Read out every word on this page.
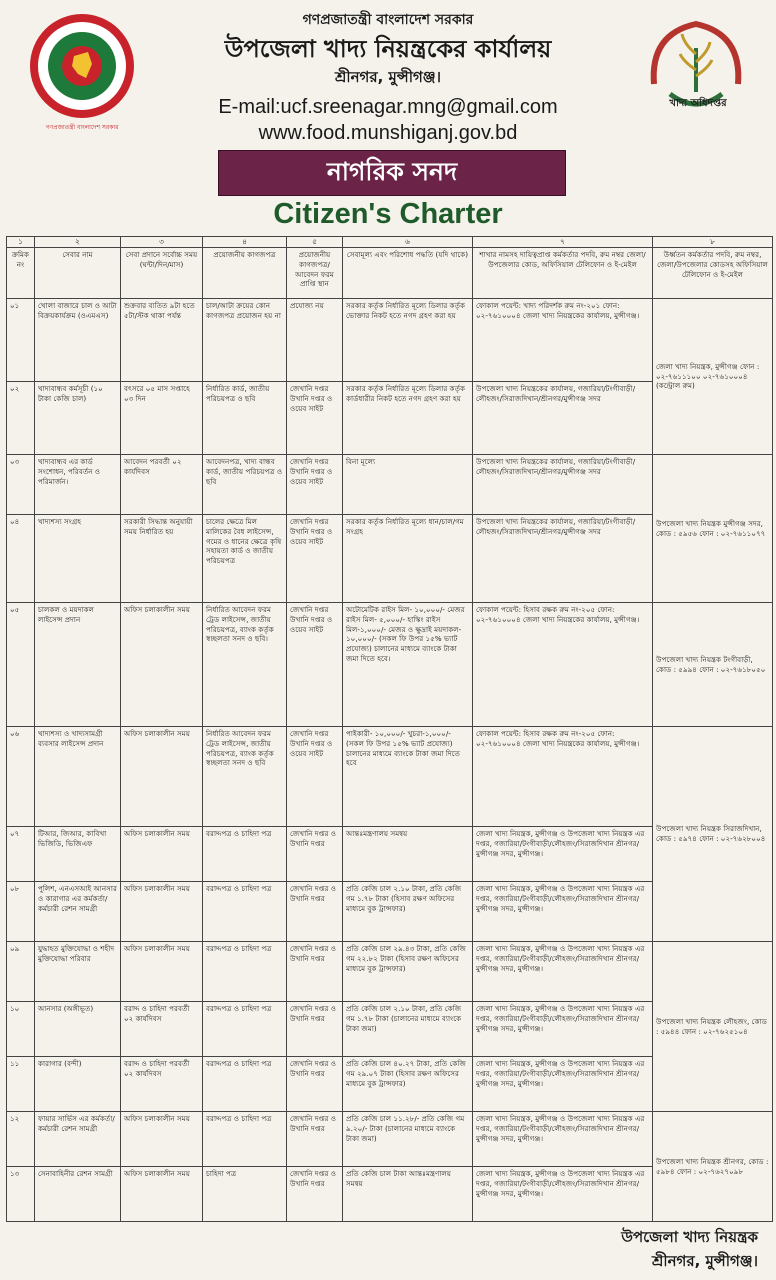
গণপ্রজাতন্ত্রী বাংলাদেশ সরকার
খাদ্য অধিদপ্তর
গণপ্রজাতন্ত্রী বাংলাদেশ সরকার
উপজেলা খাদ্য নিয়ন্ত্রকের কার্যালয়
শ্রীনগর, মুন্সীগঞ্জ।
E-mail:ucf.sreenagar.mng@gmail.com
www.food.munshiganj.gov.bd
নাগরিক সনদ
Citizen's Charter
১	২	৩	৪	৫	৬	৭	৮
ক্রমিক নং	সেবার নাম	সেবা প্রদানে সর্বোচ্চ সময় (ঘন্টা/দিন/মাস)	প্রয়োজনীয় কাগজপত্র	প্রয়োজনীয় কাগজপত্র/আবেদন ফরম প্রাপ্তি স্থান	সেবামূল্য এবং পরিশোধ পদ্ধতি (যদি থাকে)	শাখার নামসহ দায়িত্বপ্রাপ্ত কর্মকর্তার পদবি, রুম নম্বর জেলা/উপজেলার কোড, অফিসিয়াল টেলিফোন ও ই-মেইল	উর্ধ্বতন কর্মকর্তার পদবি, রুম নম্বর, জেলা/উপজেলার কোডসহ অফিসিয়াল টেলিফোন ও ই-মেইল
০১	খোলা বাজারে চাল ও আটা বিক্রয়কার্যক্রম (ওএমএস)	শুক্রবার ব্যতিত ৯টা হতে ৫টা/স্টক থাকা পর্যন্ত	চাল/আটা ক্রয়ের কোন কাগজপত্র প্রয়োজন হয় না	প্রযোজ্য নয়	সরকার কর্তৃক নির্ধারিত মূল্যে ডিলার কর্তৃক ভোক্তার নিকট হতে নগদ গ্রহণ করা হয়	ফোকাল পয়েন্ট: খাদ্য পরিদর্শক রুম নং-২০১ ফোন: ০২-৭৬১০০০৪ জেলা খাদ্য নিয়ন্ত্রকের কার্যালয়, মুন্সীগঞ্জ।	জেলা খাদ্য নিয়ন্ত্রক, মুন্সীগঞ্জ ফোন : ০২-৭৬১১১০০ ০২-৭৬১০০০৪ (কন্ট্রোল রুম)
০২	খাদ্যবান্ধব কর্মসূচী (১০ টাকা কেজি চাল)	বৎসরে ০৫ মাস সপ্তাহে ০৩ দিন	নির্ধারিত কার্ড, জাতীয় পরিচয়পত্র ও ছবি	জেখানি দপ্তর উখানি দপ্তর ও ওয়েব সাইট	সরকার কর্তৃক নির্ধারিত মূল্যে ডিলার কর্তৃক কার্ডধারীর নিকট হতে নগদ গ্রহণ করা হয়	উপজেলা খাদ্য নিয়ন্ত্রকের কার্যালয়, গজারিয়া/টংগীবাড়ী/লৌহজং/সিরাজদিখান/শ্রীনগর/মুন্সীগঞ্জ সদর	
০৩	খাদ্যবান্ধব এর কার্ড সংশোধন, পরিবর্তন ও পরিমার্জন।	আবেদন পরবর্তী ০২ কার্যদিবস	আবেদনপত্র, খাদ্য বান্ধব কার্ড, জাতীয় পরিচয়পত্র ও ছবি	জেখানি দপ্তর উখানি দপ্তর ও ওয়েব সাইট	বিনা মূল্যে	উপজেলা খাদ্য নিয়ন্ত্রকের কার্যালয়, গজারিয়া/টংগীবাড়ী/লৌহজং/সিরাজদিখান/শ্রীনগর/মুন্সীগঞ্জ সদর	উপজেলা খাদ্য নিয়ন্ত্রক মুন্সীগঞ্জ সদর, কোড : ৫৯৫৬ ফোন : ০২-৭৬১১০৭৭
০৪	খাদ্যশস্য সংগ্রহ	সরকারী সিদ্ধান্ত অনুযায়ী সময় নির্ধারিত হয়	চালের ক্ষেত্রে মিল মালিকের বৈধ লাইসেন্স, গমের ও ধানের ক্ষেত্রে কৃষি সহায়তা কার্ড ও জাতীয় পরিচয়পত্র	জেখানি দপ্তর উখানি দপ্তর ও ওয়েব সাইট	সরকার কর্তৃক নির্ধারিত মূল্যে ধান/চাল/গম সংগ্রহ	উপজেলা খাদ্য নিয়ন্ত্রকের কার্যালয়, গজারিয়া/টংগীবাড়ী/লৌহজং/সিরাজদিখান/শ্রীনগর/মুন্সীগঞ্জ সদর	
০৫	চালকল ও ময়দাকল লাইসেন্স প্রদান	অফিস চলাকালীন সময়	নির্ধারিত আবেদন ফরম ট্রেড লাইসেন্স, জাতীয় পরিচয়পত্র, ব্যাংক কর্তৃক স্বচ্ছলতা সনদ ও ছবি।	জেখানি দপ্তর উখানি দপ্তর ও ওয়েব সাইট	অটোমেটিক রাইস মিল- ১০,০০০/- মেজর রাইস মিল- ৫,০০০/- হাস্কিং রাইস মিল-১,০০০/- মেজর ও ক্ষুদ্রাই ময়দাকল- ১০,০০০/- (সকল ফি উপর ১৫% ভ্যাট প্রযোজ্য) চালানের মাধ্যমে ব্যাংকে টাকা জমা দিতে হবে।	ফোকাল পয়েন্ট: হিসাব রক্ষক রুম নং-২০৫ ফোন: ০২-৭৬১০০০৪ জেলা খাদ্য নিয়ন্ত্রকের কার্যালয়, মুন্সীগঞ্জ।	উপজেলা খাদ্য নিয়ন্ত্রক টংগীবাড়ী, কোড : ৫৯৯৪ ফোন : ০২-৭৬১৮০৫০
০৬	খাদ্যশস্য ও খাদ্যসামগ্রী ব্যবসার লাইসেন্স প্রদান	অফিস চলাকালীন সময়	নির্ধারিত আবেদন ফরম ট্রেড লাইসেন্স, জাতীয় পরিচয়পত্র, ব্যাংক কর্তৃক স্বচ্ছলতা সনদ ও ছবি	জেখানি দপ্তর উখানি দপ্তর ও ওয়েব সাইট	পাইকারী- ১০,০০০/- খুচরা-১,০০০/- (সকল ফি উপর ১৫% ভ্যাট প্রযোজ্য) চালানের মাধ্যমে ব্যাংকে টাকা জমা দিতে হবে	ফোকাল পয়েন্ট: হিসাব রক্ষক রুম নং-২০৫ ফোন: ০২-৭৬১০০০৪ জেলা খাদ্য নিয়ন্ত্রকের কার্যালয়, মুন্সীগঞ্জ।	উপজেলা খাদ্য নিয়ন্ত্রক সিরাজদিখান, কোড : ৫৯৭৪ ফোন : ০২-৭৬২৮০০৪
০৭	টিআর, জিআর, কাবিখা ভিজিডি, ভিজিএফ	অফিস চলাকালীন সময়	বরাদ্দপত্র ও চাহিদা পত্র	জেখানি দপ্তর ও উখানি দপ্তর	আন্তঃমন্ত্রণালয় সমন্বয়	জেলা খাদ্য নিয়ন্ত্রক, মুন্সীগঞ্জ ও উপজেলা খাদ্য নিয়ন্ত্রক এর দপ্তর, গজারিয়া/টংগীবাড়ী/লৌহজং/সিরাজদিখান শ্রীনগর/মুন্সীগঞ্জ সদর, মুন্সীগঞ্জ।	
০৮	পুলিশ, এনএসআই আনসার ও কারাগার এর কর্মকর্তা/কর্মচারী রেশন সামগ্রী	অফিস চলাকালীন সময়	বরাদ্দপত্র ও চাহিদা পত্র	জেখানি দপ্তর ও উখানি দপ্তর	প্রতি কেজি চাল ২.১০ টাকা, প্রতি কেজি গম ১.৭৮ টাকা (হিসাব রক্ষণ অফিসের মাধ্যমে বুক ট্রান্সফার)	জেলা খাদ্য নিয়ন্ত্রক, মুন্সীগঞ্জ ও উপজেলা খাদ্য নিয়ন্ত্রক এর দপ্তর, গজারিয়া/টংগীবাড়ী/লৌহজং/সিরাজদিখান শ্রীনগর/মুন্সীগঞ্জ সদর, মুন্সীগঞ্জ।	
০৯	যুদ্ধাহত মুক্তিযোদ্ধা ও শহীদ মুক্তিযোদ্ধা পরিবার	অফিস চলাকালীন সময়	বরাদ্দপত্র ও চাহিদা পত্র	জেখানি দপ্তর ও উখানি দপ্তর	প্রতি কেজি চাল ২৯.৪৩ টাকা, প্রতি কেজি গম ২২.৮২ টাকা (হিসাব রক্ষণ অফিসের মাধ্যমে বুক ট্রান্সফার)	জেলা খাদ্য নিয়ন্ত্রক, মুন্সীগঞ্জ ও উপজেলা খাদ্য নিয়ন্ত্রক এর দপ্তর, গজারিয়া/টংগীবাড়ী/লৌহজং/সিরাজদিখান শ্রীনগর/মুন্সীগঞ্জ সদর, মুন্সীগঞ্জ।	উপজেলা খাদ্য নিয়ন্ত্রক লৌহজং, কোড : ৫৯৪৪ ফোন : ০২-৭৬২৫১০৪
১০	আনসার (অঙ্গীভূত)	বরাদ্দ ও চাহিদা পরবর্তী ০২ কার্যদিবস	বরাদ্দপত্র ও চাহিদা পত্র	জেখানি দপ্তর ও উখানি দপ্তর	প্রতি কেজি চাল ২.১০ টাকা, প্রতি কেজি গম ১.৭৮ টাকা (চালানের মাধ্যমে ব্যাংকে টাকা জমা)	জেলা খাদ্য নিয়ন্ত্রক, মুন্সীগঞ্জ ও উপজেলা খাদ্য নিয়ন্ত্রক এর দপ্তর, গজারিয়া/টংগীবাড়ী/লৌহজং/সিরাজদিখান শ্রীনগর/মুন্সীগঞ্জ সদর, মুন্সীগঞ্জ।	
১১	কারাগার (বন্দী)	বরাদ্দ ও চাহিদা পরবর্তী ০২ কার্যদিবস	বরাদ্দপত্র ও চাহিদা পত্র	জেখানি দপ্তর ও উখানি দপ্তর	প্রতি কেজি চাল ৪০.২৭ টাকা, প্রতি কেজি গম ২৯.০৭ টাকা (হিসাব রক্ষণ অফিসের মাধ্যমে বুক ট্রান্সফার)	জেলা খাদ্য নিয়ন্ত্রক, মুন্সীগঞ্জ ও উপজেলা খাদ্য নিয়ন্ত্রক এর দপ্তর, গজারিয়া/টংগীবাড়ী/লৌহজং/সিরাজদিখান শ্রীনগর/মুন্সীগঞ্জ সদর, মুন্সীগঞ্জ।	
১২	ফায়ার সার্ভিস এর কর্মকর্তা/কর্মচারী রেশন সামগ্রী	অফিস চলাকালীন সময়	বরাদ্দপত্র ও চাহিদা পত্র	জেখানি দপ্তর ও উখানি দপ্তর	প্রতি কেজি চাল ১১.২৮/- প্রতি কেজি গম ৯.২০/- টাকা (চালানের মাধ্যমে ব্যাংকে টাকা জমা)	জেলা খাদ্য নিয়ন্ত্রক, মুন্সীগঞ্জ ও উপজেলা খাদ্য নিয়ন্ত্রক এর দপ্তর, গজারিয়া/টংগীবাড়ী/লৌহজং/সিরাজদিখান শ্রীনগর/মুন্সীগঞ্জ সদর, মুন্সীগঞ্জ।	উপজেলা খাদ্য নিয়ন্ত্রক শ্রীনগর, কোড : ৫৯৮৪ ফোন : ০২-৭৬২৭০৯৮
১৩	সেনাবাহিনীর রেশন সামগ্রী	অফিস চলাকালীন সময়	চাহিদা পত্র	জেখানি দপ্তর ও উখানি দপ্তর	প্রতি কেজি চাল টাকা আন্তঃমন্ত্রণালয় সমন্বয়	জেলা খাদ্য নিয়ন্ত্রক, মুন্সীগঞ্জ ও উপজেলা খাদ্য নিয়ন্ত্রক এর দপ্তর, গজারিয়া/টংগীবাড়ী/লৌহজং/সিরাজদিখান শ্রীনগর/মুন্সীগঞ্জ সদর, মুন্সীগঞ্জ।	
উপজেলা খাদ্য নিয়ন্ত্রক
শ্রীনগর, মুন্সীগঞ্জ।
